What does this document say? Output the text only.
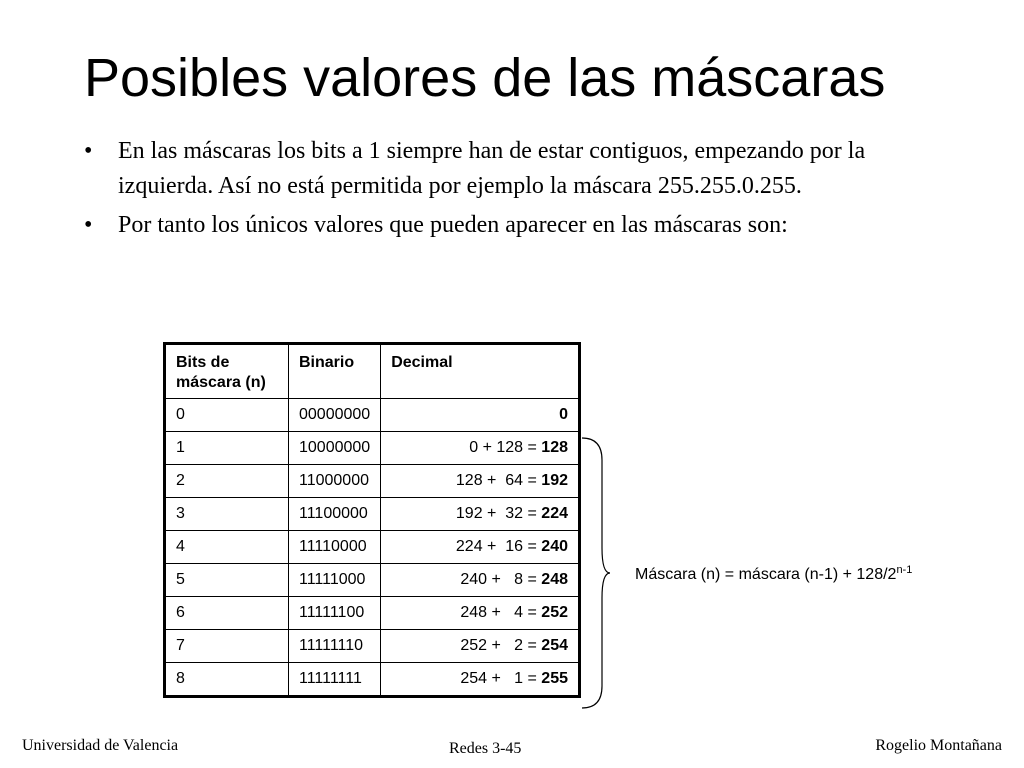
Posibles valores de las máscaras
• En las máscaras los bits a 1 siempre han de estar contiguos, empezando por la izquierda. Así no está permitida por ejemplo la máscara 255.255.0.255.
• Por tanto los únicos valores que pueden aparecer en las máscaras son:
Bits de máscara (n)	Binario	Decimal
0	00000000	0
1	10000000	0 + 128 = 128
2	11000000	128 +  64 = 192
3	11100000	192 +  32 = 224
4	11110000	224 +  16 = 240
5	11111000	240 +   8 = 248
6	11111100	248 +   4 = 252
7	11111110	252 +   2 = 254
8	11111111	254 +   1 = 255
Máscara (n) = máscara $(n-1) + 128/2^{n-1}$
Universidad de Valencia	Redes 3-45	Rogelio Montañana
